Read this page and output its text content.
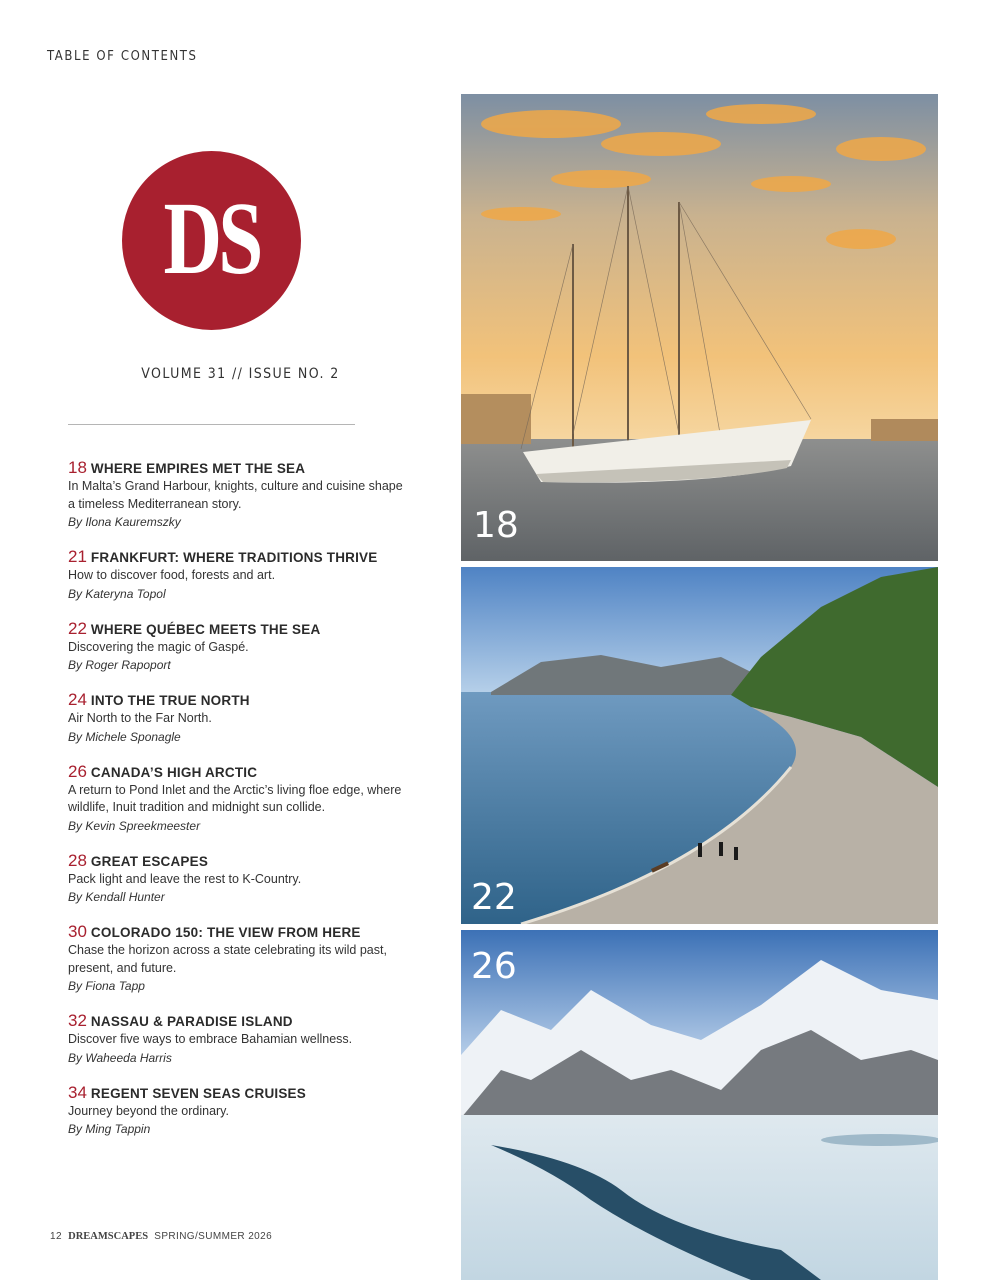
TABLE OF CONTENTS
DS
VOLUME 31 // ISSUE NO. 2
18 WHERE EMPIRES MET THE SEA
In Malta’s Grand Harbour, knights, culture and cuisine shape a timeless Mediterranean story.
By Ilona Kauremszky
21 FRANKFURT: WHERE TRADITIONS THRIVE
How to discover food, forests and art.
By Kateryna Topol
22 WHERE QUÉBEC MEETS THE SEA
Discovering the magic of Gaspé.
By Roger Rapoport
24 INTO THE TRUE NORTH
Air North to the Far North.
By Michele Sponagle
26 CANADA’S HIGH ARCTIC
A return to Pond Inlet and the Arctic’s living floe edge, where wildlife, Inuit tradition and midnight sun collide.
By Kevin Spreekmeester
28 GREAT ESCAPES
Pack light and leave the rest to K-Country.
By Kendall Hunter
30 COLORADO 150: THE VIEW FROM HERE
Chase the horizon across a state celebrating its wild past, present, and future.
By Fiona Tapp
32 NASSAU & PARADISE ISLAND
Discover five ways to embrace Bahamian wellness.
By Waheeda Harris
34 REGENT SEVEN SEAS CRUISES
Journey beyond the ordinary.
By Ming Tappin
12 DREAMSCAPES SPRING/SUMMER 2026
18
22
26
